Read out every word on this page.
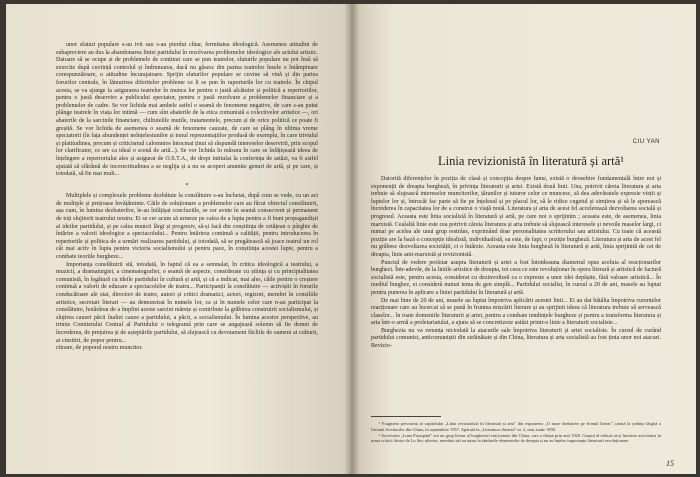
unor sfaturi populare s-au ivit sau s-au pierdut chiar, fermitatea ideologică. Asemenea atitudini de subapreciere au dus la abandonarea liniei partidului în rezolvarea problemelor ideologice ale actului artistic. Datoare să se ocupe și de problemele de conținut care se pun teatrelor, sfaturile populare nu pot însă să exercite după cuviință controlul și îndrumarea, dacă nu găsesc din partea teatrelor însele o întâmpinare corespunzătoare, o atitudine încurajatoare. Sprijin sfaturilor populare se cuvine să vină și din partea forurilor centrale, în lămurirea diferitelor probleme ce li se pun în raporturile lor cu teatrele. În chipul acesta, se va ajunge la asigurarea teatrelor în munca lor pentru o justă alcătuire și politică a repertoriilor, pentru o justă deservire a publicului spectator, pentru o justă rezolvare a problemelor financiare și a problemelor de cadre. Se vor lichida mai ambele astfel o seamă de fenomene negative, de care s-au putut plânge teatrele în viața lor intimă — cum sînt abaterile de la etica comunistă a colectivelor artistice —, ori abaterile de la sarcinile financiare, chiltuielile inutile, tratamentele, precum și de orice politică ce poate fi greșită. Se vor lichida de asemenea o seamă de fenomene cauzate, de care se plâng în ultima vreme spectatorii (în fața abundenței neînțelesiunilor și tonul reprezentațiilor produsă de exemplu, în care trivialul și platitudinea, precum și criticismul calomnios întocmai ținut să răspundă intereselor deservirii, prin scopul lor clarificator, ce are ca ideal o scenă de artă...). Se vor lichida în măsura în care se înfățișează ideea de înțelegere a repertoriului ales și asigurat de O.S.T.A., de drept intitulat la conferința de astăzi, va fi astfel ajutată să sfărâmă de incorectitudinea a se neglija și a nu se acoperi anumite genuri de artă, și pe care, și totodată, să fie mai mult...

*

Multiplele și complexele probleme dezbătute la consfătuire s-au încheiat, după cum se vede, cu un act de multiple și prețioase învățăminte. Căile de soluționare a problemelor care au făcut obiectul consfătuirii, așa cum, în lumina dezbaterilor, le-au înfățișat concluziile, se cer avute în seamă consecvent și permanent de toți slujitorii teatrului nostru. Ei se cer acum să urmeze pe calea de a lupta pentru a fi buni propagandiști ai ideilor partidului, și pe calea muncii lărgi și progresiv, să-și facă din conștiința de cetățean o pârghie de întărire a valorii ideologice a spectacolului... Pentru întărirea continuă a calității, pentru introducerea în repertoriile și politica de a urmări realizarea partidului, și totodată, să se pregătească să joace teatrul un rol cât mai activ în lupta pentru victoria socialismului și pentru pace, în conștiința acestei lupte, pentru a combate teoriile burgheze...

Importanța consfătuirii stă, totodată, în faptul că ea a semnalat, în critica ideologică a teatrului, a muzicii, a dramaturgiei, a cinematografiei, o seamă de aspecte, considerate cu știința și cu principialitatea comunistă, în legătură cu ideile partidului în cultură și artă, și că a indicat, mai ales, căile pentru o creștere continuă a valorii de educare a spectacolelor de teatru... Participanții la consfătuire — activiștii în forurile conducătoare ale stat, directori de teatre, autori și critici dramatici, actori, regizori, membri în consiliile artistice, secretari literari — au demonstrat în numele lor, ca și în numele celor care n-au participat la consfătuire, hotărârea de a împlini aceste sarcini mărețe și contribuie la grăbirea construirii socialismului, și slujirea cauzei păcii înaltei cauze a partidului, a păcii, a socialismului. În lumina acestor perspective, au trimis Comitetului Central al Partidului o telegramă prin care se angajează solemn să fie demni de încrederea, de prețuirea și de așteptările partidului, să slujească cu devotament făcliile de oameni ai culturii, ai cinstirii, de popor pentru...

citoare, de poporul nostru muncitor.

CIU YAN
Linia revizionistă în literatură și artă¹

Datorită diferențelor în poziția de clasă și concepția despre lume, există o deosebire fundamentală între noi și exponenții de dreapta burgheză, în privința literaturii și artei. Există două linii. Una, potrivit căreia literatura și arta trebuie să slujească intereselor muncitorilor, țăranilor și tuturor celor ce muncesc, să dea adevăratele expresie vieții și luptelor lor și, întrucât fac parte să fie pe înțelesul și pe placul lor, să le ridice cugetul și simțirea și să le sporească încrederea în capacitatea lor de a construi o viață nouă. Literatura și arta de acest fel accelerează dezvoltarea socială și progresul. Aceasta este linia socialistă în literatură și artă, pe care noi o sprijinim ; aceasta este, de asemenea, linia marxistă. Cealaltă linie este cea potrivit căreia literatura și arta trebuie să slujească interesele și nevoile maselor largi, ci numai pe acelea ale unui grup restrâns, exprimând doar personalitatea scriitorului sau artistului. Cu toate că această poziție are la bază o concepție idealistă, individualistă, ea este, de fapt, o poziție burgheză. Literatura și arta de acest fel nu grăbesc dezvoltarea societății, ci o întârzie. Aceasta este linia burgheză în literatură și artă, linia sprijinită de cei de dreapta, linie anti-marxistă și revizionistă.

Punctul de vedere proletar asupra literaturii și artei a fost întotdeauna diametral opus aceluia al reacționarilor burghezi. Într-adevăr, de la liniile artistice de dreapta, tot ceea ce este revoluționar în opera literară și artistică de factură socialistă este, pentru acesta, considerat cu dezinvoltură ca o expresie a unor idei depășite, fără valoare artistică... În mediul burghez, ei consideră numai tema de gen simplă... Partidului socialist, în cursul a 20 de ani, masele au luptat pentru punerea în aplicare a liniei partidului în literatură și artă.

De mai bine de 20 de ani, masele au luptat împotriva aplicării acestei linii... Ei au dat bătălia împotriva curentelor reacționare care au încercat să se pună în fruntea mișcării literare și au sprijinit ideea că literatura trebuie să servească claselor... în toate domeniile literaturii și artei, pentru a combate tendințele burgheze și pentru a transforma literatura și arta într-o armă a proletariatului, a ajuns să se concretizeze astăzi printr-o linie a literaturii socialiste...

Burghezia nu va renunța niciodată la atacurile sale împotriva literaturii și artei socialiste. În cursul de curând partidului comunist, anticomuniștii din străinătate și din China, literatura și arta socialistă au fost ținta unor noi atacuri. Revizio-

¹ Fragment prescurtat al capitolului „Linia revizionistă în literatură și artă” din expunerea „O mare dezbatere pe frontul literar”, ținută la ședința lărgită a Uniunii Scriitorilor din China, în septembrie 1957. Apărută în „Literatura chineză” nr. 2, mai–iunie 1958.

² Societatea „Luna Proaspătă” era un grup literar al burgheziei reacționare din China, care a ființat prin anii 1920. Grupul al trebuit să-și înceteze activitatea în urma criticii făcute de Lu Sin; ulterior, membrii săi au intrat în rândurile elementelor de dreapta și nu au înțeles importanța literaturii revoluționare.

15
